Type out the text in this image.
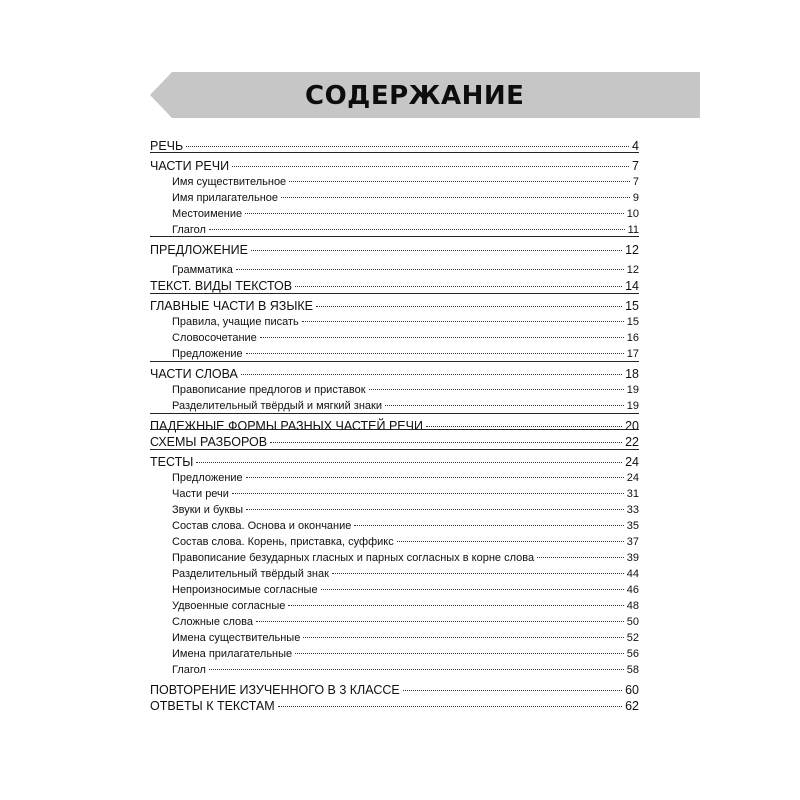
СОДЕРЖАНИЕ
РЕЧЬ	4
ЧАСТИ РЕЧИ	7
Имя существительное	7
Имя прилагательное	9
Местоимение	10
Глагол	11
ПРЕДЛОЖЕНИЕ	12
Грамматика	12
ТЕКСТ. ВИДЫ ТЕКСТОВ	14
ГЛАВНЫЕ ЧАСТИ В ЯЗЫКЕ	15
Правила, учащие писать	15
Словосочетание	16
Предложение	17
ЧАСТИ СЛОВА	18
Правописание предлогов и приставок	19
Разделительный твёрдый и мягкий знаки	19
ПАДЕЖНЫЕ ФОРМЫ РАЗНЫХ ЧАСТЕЙ РЕЧИ	20
СХЕМЫ РАЗБОРОВ	22
ТЕСТЫ	24
Предложение	24
Части речи	31
Звуки и буквы	33
Состав слова. Основа и окончание	35
Состав слова. Корень, приставка, суффикс	37
Правописание безударных гласных и парных согласных в корне слова	39
Разделительный твёрдый знак	44
Непроизносимые согласные	46
Удвоенные согласные	48
Сложные слова	50
Имена существительные	52
Имена прилагательные	56
Глагол	58
ПОВТОРЕНИЕ ИЗУЧЕННОГО В 3 КЛАССЕ	60
ОТВЕТЫ К ТЕКСТАМ	62
